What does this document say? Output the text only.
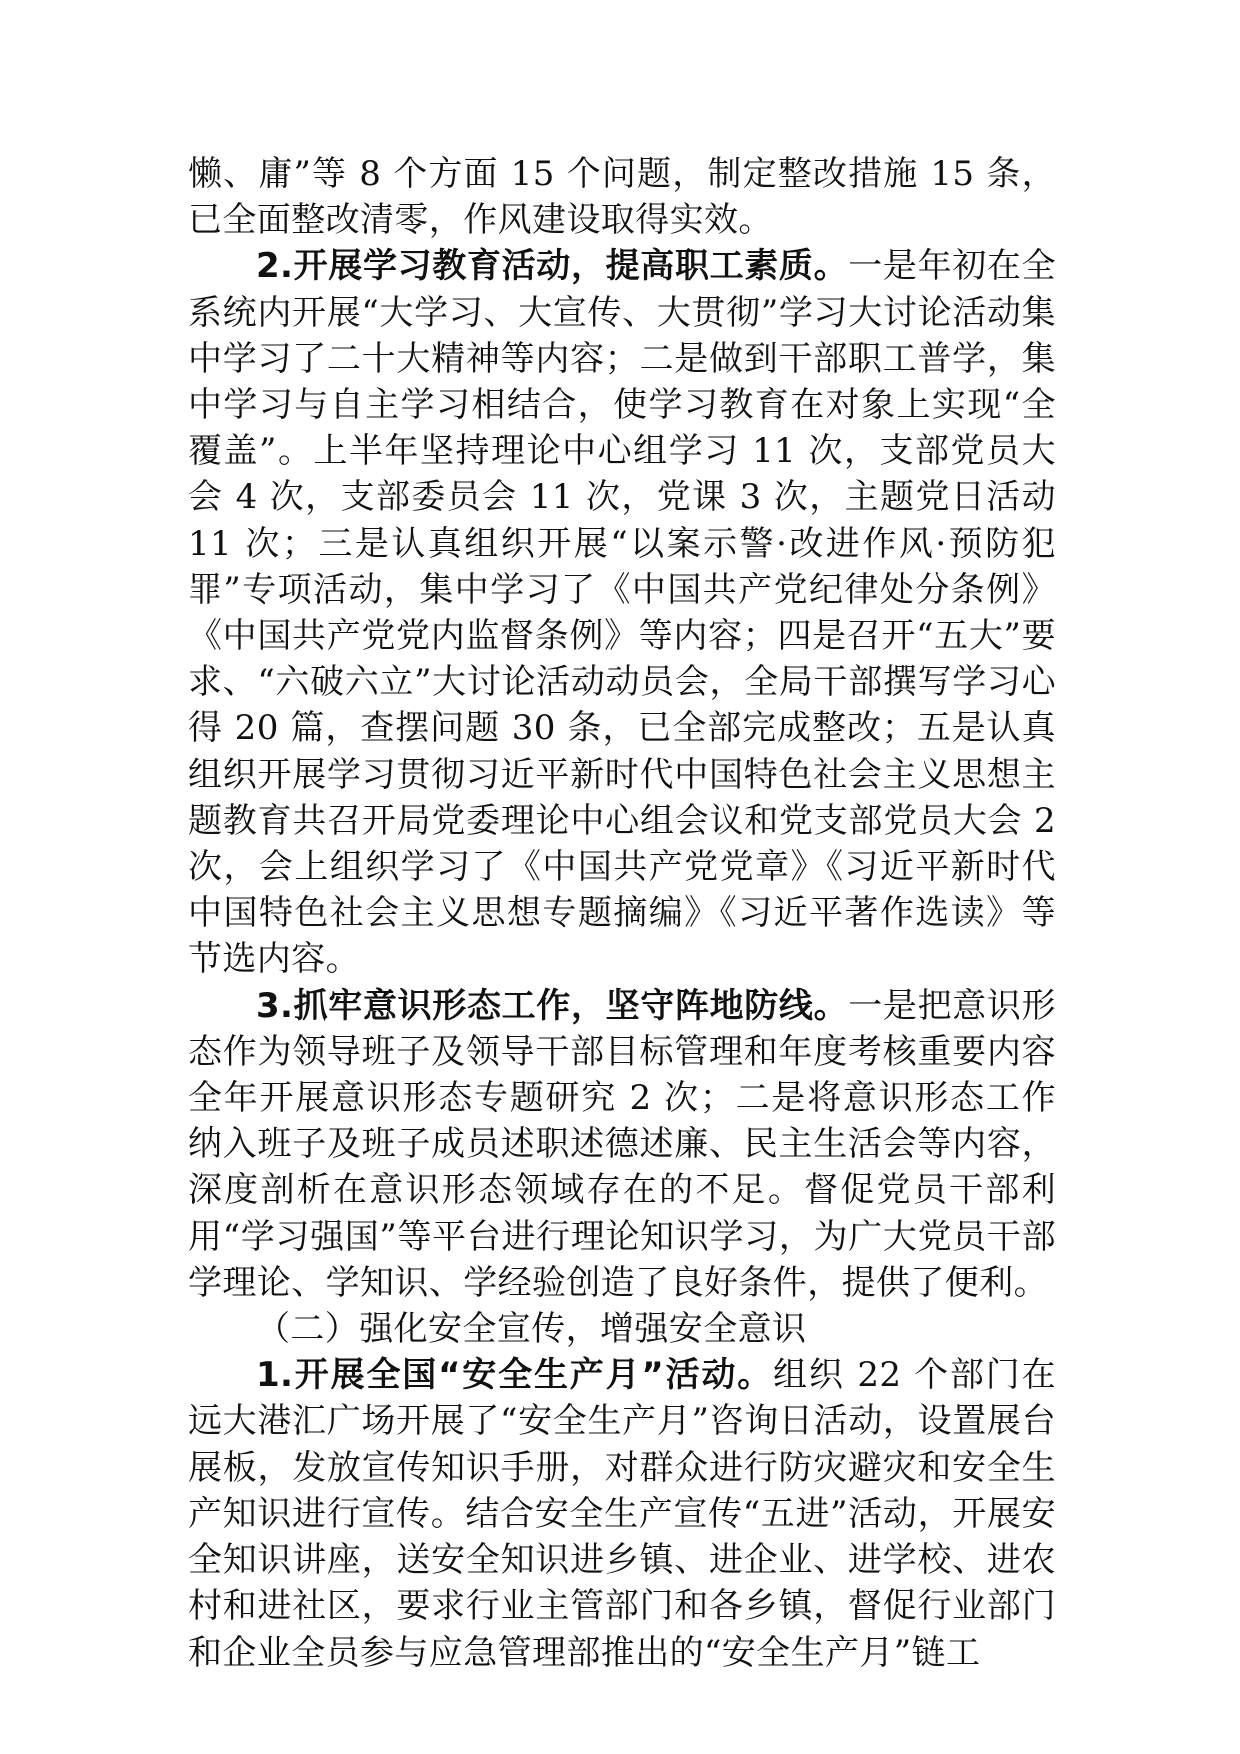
懒、庸”等 8 个方面 15 个问题，制定整改措施 15 条，已全面整改清零，作风建设取得实效。

2.开展学习教育活动，提高职工素质。一是年初在全系统内开展“大学习、大宣传、大贯彻”学习大讨论活动集中学习了二十大精神等内容；二是做到干部职工普学，集中学习与自主学习相结合，使学习教育在对象上实现“全覆盖”。上半年坚持理论中心组学习 11 次，支部党员大会 4 次，支部委员会 11 次，党课 3 次，主题党日活动 11 次；三是认真组织开展“以案示警·改进作风·预防犯罪”专项活动，集中学习了《中国共产党纪律处分条例》《中国共产党党内监督条例》等内容；四是召开“五大”要求、“六破六立”大讨论活动动员会，全局干部撰写学习心得 20 篇，查摆问题 30 条，已全部完成整改；五是认真组织开展学习贯彻习近平新时代中国特色社会主义思想主题教育共召开局党委理论中心组会议和党支部党员大会 2 次，会上组织学习了《中国共产党党章》《习近平新时代中国特色社会主义思想专题摘编》《习近平著作选读》等节选内容。

3.抓牢意识形态工作，坚守阵地防线。一是把意识形态作为领导班子及领导干部目标管理和年度考核重要内容全年开展意识形态专题研究 2 次；二是将意识形态工作纳入班子及班子成员述职述德述廉、民主生活会等内容，深度剖析在意识形态领域存在的不足。督促党员干部利用“学习强国”等平台进行理论知识学习，为广大党员干部学理论、学知识、学经验创造了良好条件，提供了便利。

（二）强化安全宣传，增强安全意识

1.开展全国“安全生产月”活动。组织 22 个部门在远大港汇广场开展了“安全生产月”咨询日活动，设置展台展板，发放宣传知识手册，对群众进行防灾避灾和安全生产知识进行宣传。结合安全生产宣传“五进”活动，开展安全知识讲座，送安全知识进乡镇、进企业、进学校、进农村和进社区，要求行业主管部门和各乡镇，督促行业部门和企业全员参与应急管理部推出的“安全生产月”链工
